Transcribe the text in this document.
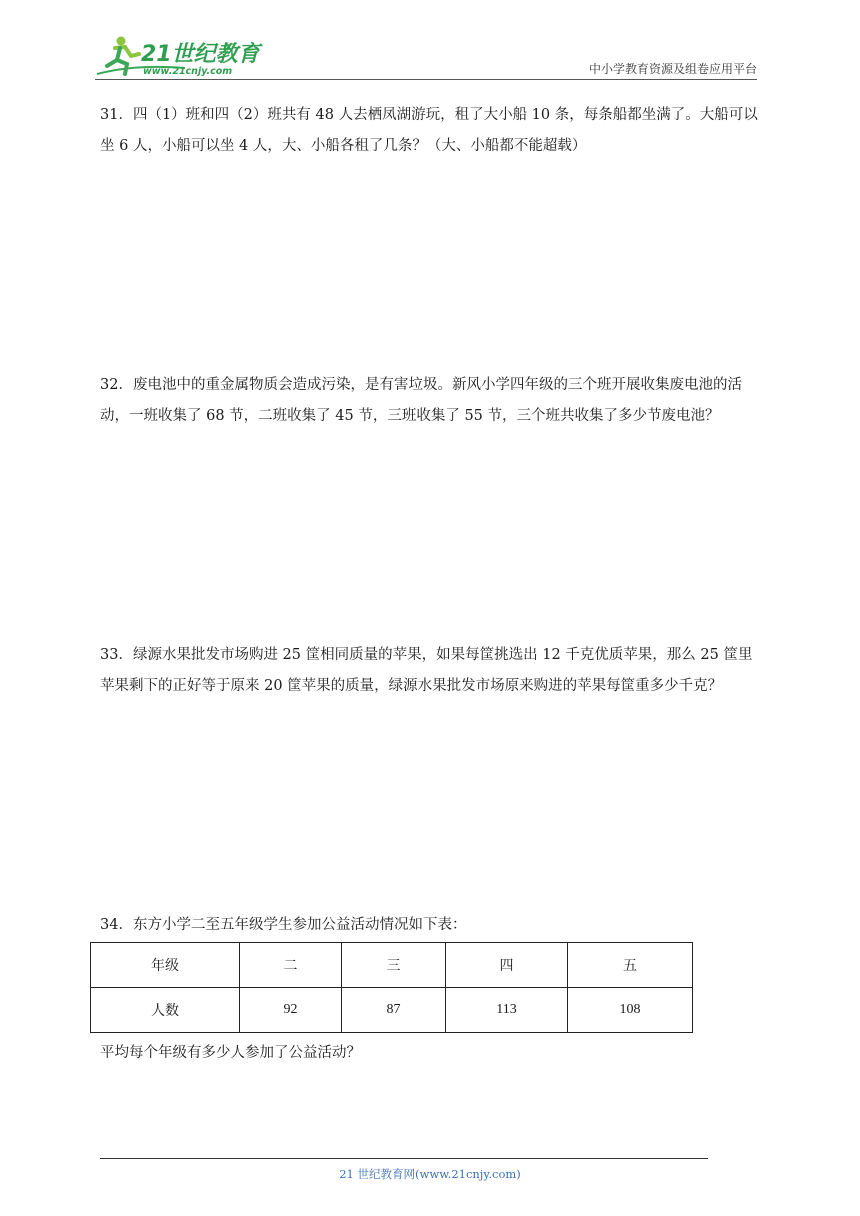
21世纪教育
www.21cnjy.com	中小学教育资源及组卷应用平台
31．四（1）班和四（2）班共有 48 人去栖凤湖游玩，租了大小船 10 条，每条船都坐满了。大船可以坐 6 人，小船可以坐 4 人，大、小船各租了几条？（大、小船都不能超载）
32．废电池中的重金属物质会造成污染，是有害垃圾。新风小学四年级的三个班开展收集废电池的活动，一班收集了 68 节，二班收集了 45 节，三班收集了 55 节，三个班共收集了多少节废电池？
33．绿源水果批发市场购进 25 筐相同质量的苹果，如果每筐挑选出 12 千克优质苹果，那么 25 筐里苹果剩下的正好等于原来 20 筐苹果的质量，绿源水果批发市场原来购进的苹果每筐重多少千克？
34．东方小学二至五年级学生参加公益活动情况如下表：
年级	二	三	四	五
人数	92	87	113	108
平均每个年级有多少人参加了公益活动？
21 世纪教育网(www.21cnjy.com)
